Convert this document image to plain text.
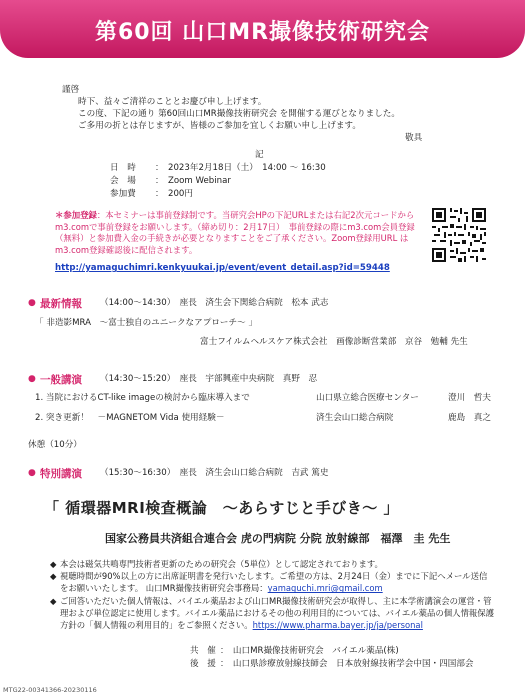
第60回 山口MR撮像技術研究会
謹啓
時下、益々ご清祥のこととお慶び申し上げます。
この度、下記の通り 第60回山口MR撮像技術研究会 を開催する運びとなりました。
ご多用の折とは存じますが、皆様のご参加を宜しくお願い申し上げます。
敬具
記
日　時 ： 2023年2月18日（土）　14:00 ～ 16:30
会　場 ： Zoom Webinar
参加費 ： 200円
＊参加登録：本セミナーは事前登録制です。当研究会HPの下記URLまたは右記2次元コードから m3.comで事前登録をお願いします。（締め切り：2月17日）　事前登録の際にm3.com会員登録（無料）と参加費入金の手続きが必要となりますことをご了承ください。Zoom登録用URL は m3.com登録確認後に配信されます。
http://yamaguchimri.kenkyuukai.jp/event/event_detail.asp?id=59448
● 最新情報 （14:00～14:30）　座長　済生会下関総合病院　松本 武志
「 非造影MRA　～富士独自のユニークなアプローチ～ 」
富士フイルムヘルスケア株式会社　画像診断営業部　京谷　勉輔 先生
● 一般講演 （14:30～15:20）　座長　宇部興産中央病院　真野　忍
1. 当院におけるCT-like imageの検討から臨床導入まで	山口県立総合医療センター	澄川　哲夫
2. 突き更新！　－MAGNETOM Vida 使用経験－	済生会山口総合病院	鹿島　真之
休憩（10分）
● 特別講演 （15:30～16:30）　座長　済生会山口総合病院　吉武 篤史
「 循環器MRI検査概論　～あらすじと手びき～ 」
国家公務員共済組合連合会 虎の門病院 分院 放射線部　福澤　圭 先生
◆ 本会は磁気共鳴専門技術者更新のための研究会（5単位）として認定されております。
◆ 視聴時間が90%以上の方に出席証明書を発行いたします。ご希望の方は、2月24日（金）までに下記へメール送信をお願いいたします。 山口MR撮像技術研究会事務局：yamaguchi.mri@gmail.com
◆ ご回答いただいた個人情報は、バイエル薬品および山口MR撮像技術研究会が取得し、主に本学術講演会の運営・管理および単位認定に使用します。バイエル薬品におけるその他の利用目的については、バイエル薬品の個人情報保護方針の「個人情報の利用目的」をご参照ください。https://www.pharma.bayer.jp/ja/personal
共　催 ：　山口MR撮像技術研究会　バイエル薬品(株)
後　援 ：　山口県診療放射線技師会　日本放射線技術学会中国・四国部会
MTG22-00341366-20230116
